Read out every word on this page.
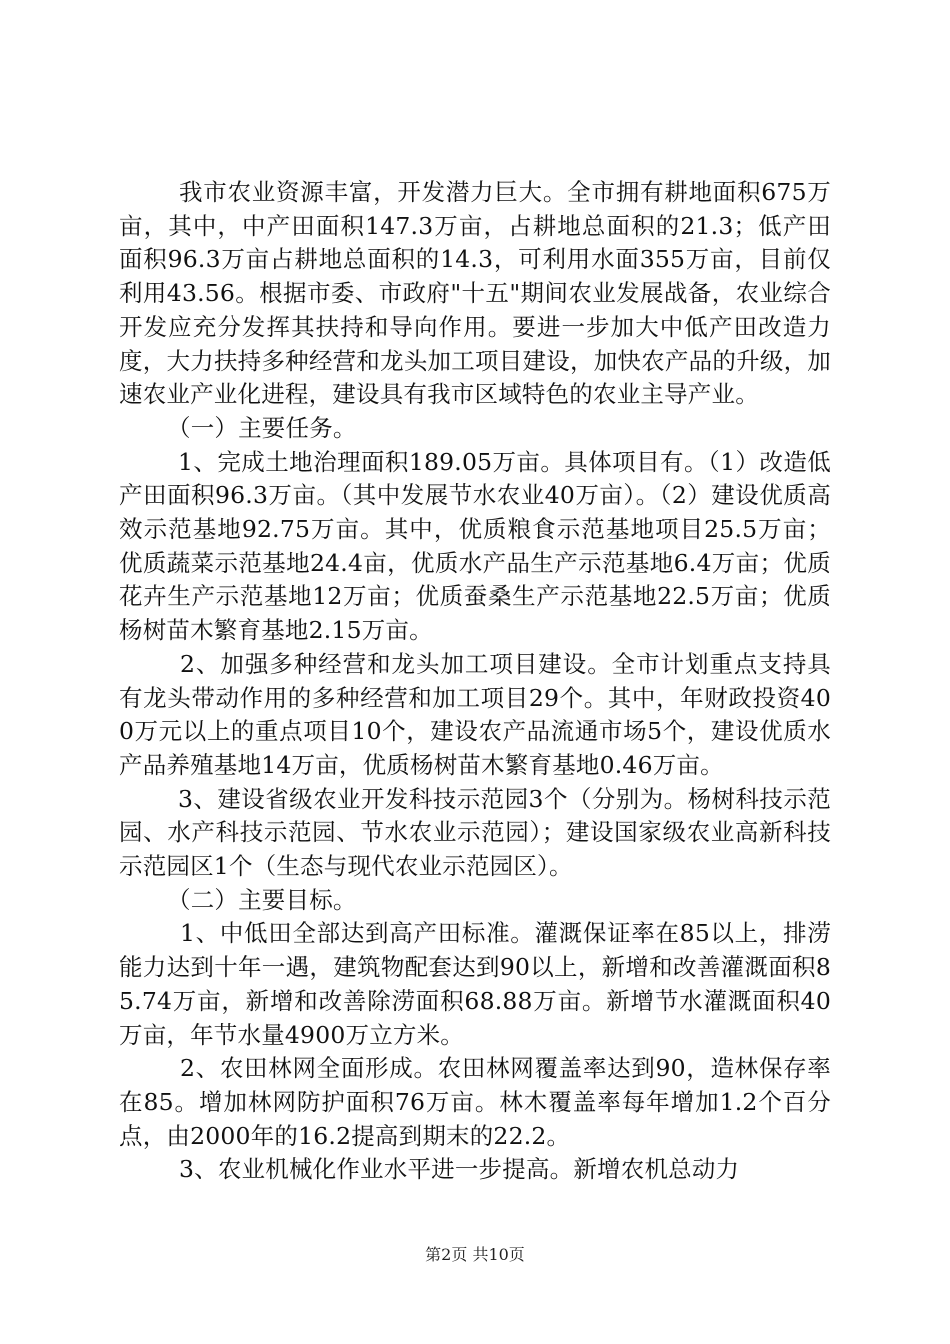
我市农业资源丰富，开发潜力巨大。全市拥有耕地面积675万亩，其中，中产田面积147.3万亩，占耕地总面积的21.3；低产田面积96.3万亩占耕地总面积的14.3，可利用水面355万亩，目前仅利用43.56。根据市委、市政府"十五"期间农业发展战备，农业综合开发应充分发挥其扶持和导向作用。要进一步加大中低产田改造力度，大力扶持多种经营和龙头加工项目建设，加快农产品的升级，加速农业产业化进程，建设具有我市区域特色的农业主导产业。

（一）主要任务。

1、完成土地治理面积189.05万亩。具体项目有。（1）改造低产田面积96.3万亩。（其中发展节水农业40万亩）。（2）建设优质高效示范基地92.75万亩。其中，优质粮食示范基地项目25.5万亩；优质蔬菜示范基地24.4亩，优质水产品生产示范基地6.4万亩；优质花卉生产示范基地12万亩；优质蚕桑生产示范基地22.5万亩；优质杨树苗木繁育基地2.15万亩。

2、加强多种经营和龙头加工项目建设。全市计划重点支持具有龙头带动作用的多种经营和加工项目29个。其中，年财政投资400万元以上的重点项目10个，建设农产品流通市场5个，建设优质水产品养殖基地14万亩，优质杨树苗木繁育基地0.46万亩。

3、建设省级农业开发科技示范园3个（分别为。杨树科技示范园、水产科技示范园、节水农业示范园）；建设国家级农业高新科技示范园区1个（生态与现代农业示范园区）。

（二）主要目标。

1、中低田全部达到高产田标准。灌溉保证率在85以上，排涝能力达到十年一遇，建筑物配套达到90以上，新增和改善灌溉面积85.74万亩，新增和改善除涝面积68.88万亩。新增节水灌溉面积40万亩，年节水量4900万立方米。

2、农田林网全面形成。农田林网覆盖率达到90，造林保存率在85。增加林网防护面积76万亩。林木覆盖率每年增加1.2个百分点，由2000年的16.2提高到期末的22.2。

3、农业机械化作业水平进一步提高。新增农机总动力

第2页 共10页
